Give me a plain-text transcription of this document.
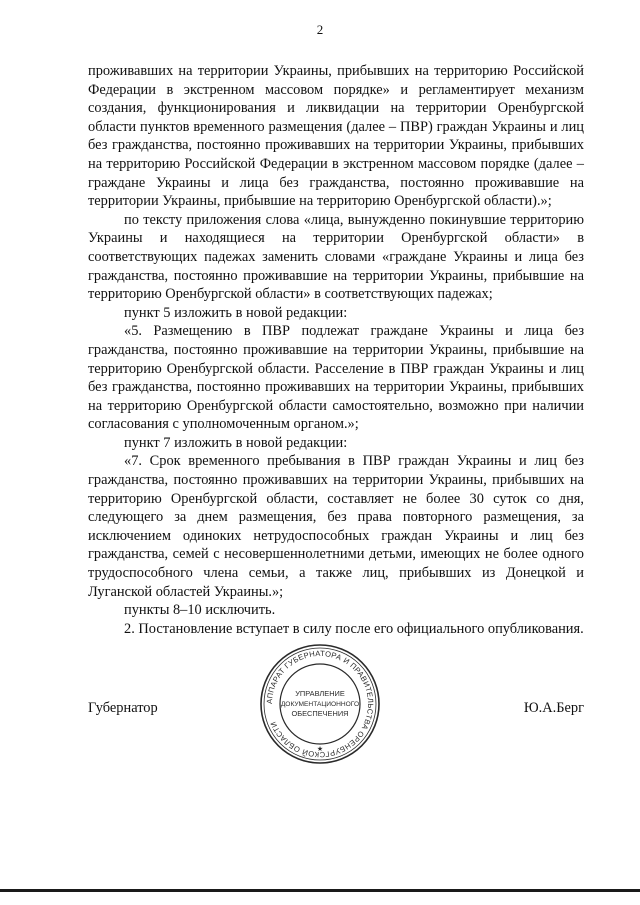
2

проживавших на территории Украины, прибывших на территорию Российской Федерации в экстренном массовом порядке» и регламентирует механизм создания, функционирования и ликвидации на территории Оренбургской области пунктов временного размещения (далее – ПВР) граждан Украины и лиц без гражданства, постоянно проживавших на территории Украины, прибывших на территорию Российской Федерации в экстренном массовом порядке (далее – граждане Украины и лица без гражданства, постоянно проживавшие на территории Украины, прибывшие на территорию Оренбургской области).»;

по тексту приложения слова «лица, вынужденно покинувшие территорию Украины и находящиеся на территории Оренбургской области» в соответствующих падежах заменить словами «граждане Украины и лица без гражданства, постоянно проживавшие на территории Украины, прибывшие на территорию Оренбургской области» в соответствующих падежах;

пункт 5 изложить в новой редакции:

«5. Размещению в ПВР подлежат граждане Украины и лица без гражданства, постоянно проживавшие на территории Украины, прибывшие на территорию Оренбургской области. Расселение в ПВР граждан Украины и лиц без гражданства, постоянно проживавших на территории Украины, прибывших на территорию Оренбургской области самостоятельно, возможно при наличии согласования с уполномоченным органом.»;

пункт 7 изложить в новой редакции:

«7. Срок временного пребывания в ПВР граждан Украины и лиц без гражданства, постоянно проживавших на территории Украины, прибывших на территорию Оренбургской области, составляет не более 30 суток со дня, следующего за днем размещения, без права повторного размещения, за исключением одиноких нетрудоспособных граждан Украины и лиц без гражданства, семей с несовершеннолетними детьми, имеющих не более одного трудоспособного члена семьи, а также лиц, прибывших из Донецкой и Луганской областей Украины.»;

пункты 8–10 исключить.

2. Постановление вступает в силу после его официального опубликования.

Губернатор	Ю.А.Берг
АППАРАТ ГУБЕРНАТОРА И ПРАВИТЕЛЬСТВА ОРЕНБУРГСКОЙ ОБЛАСТИ
★
УПРАВЛЕНИЕ
ДОКУМЕНТАЦИОННОГО
ОБЕСПЕЧЕНИЯ
